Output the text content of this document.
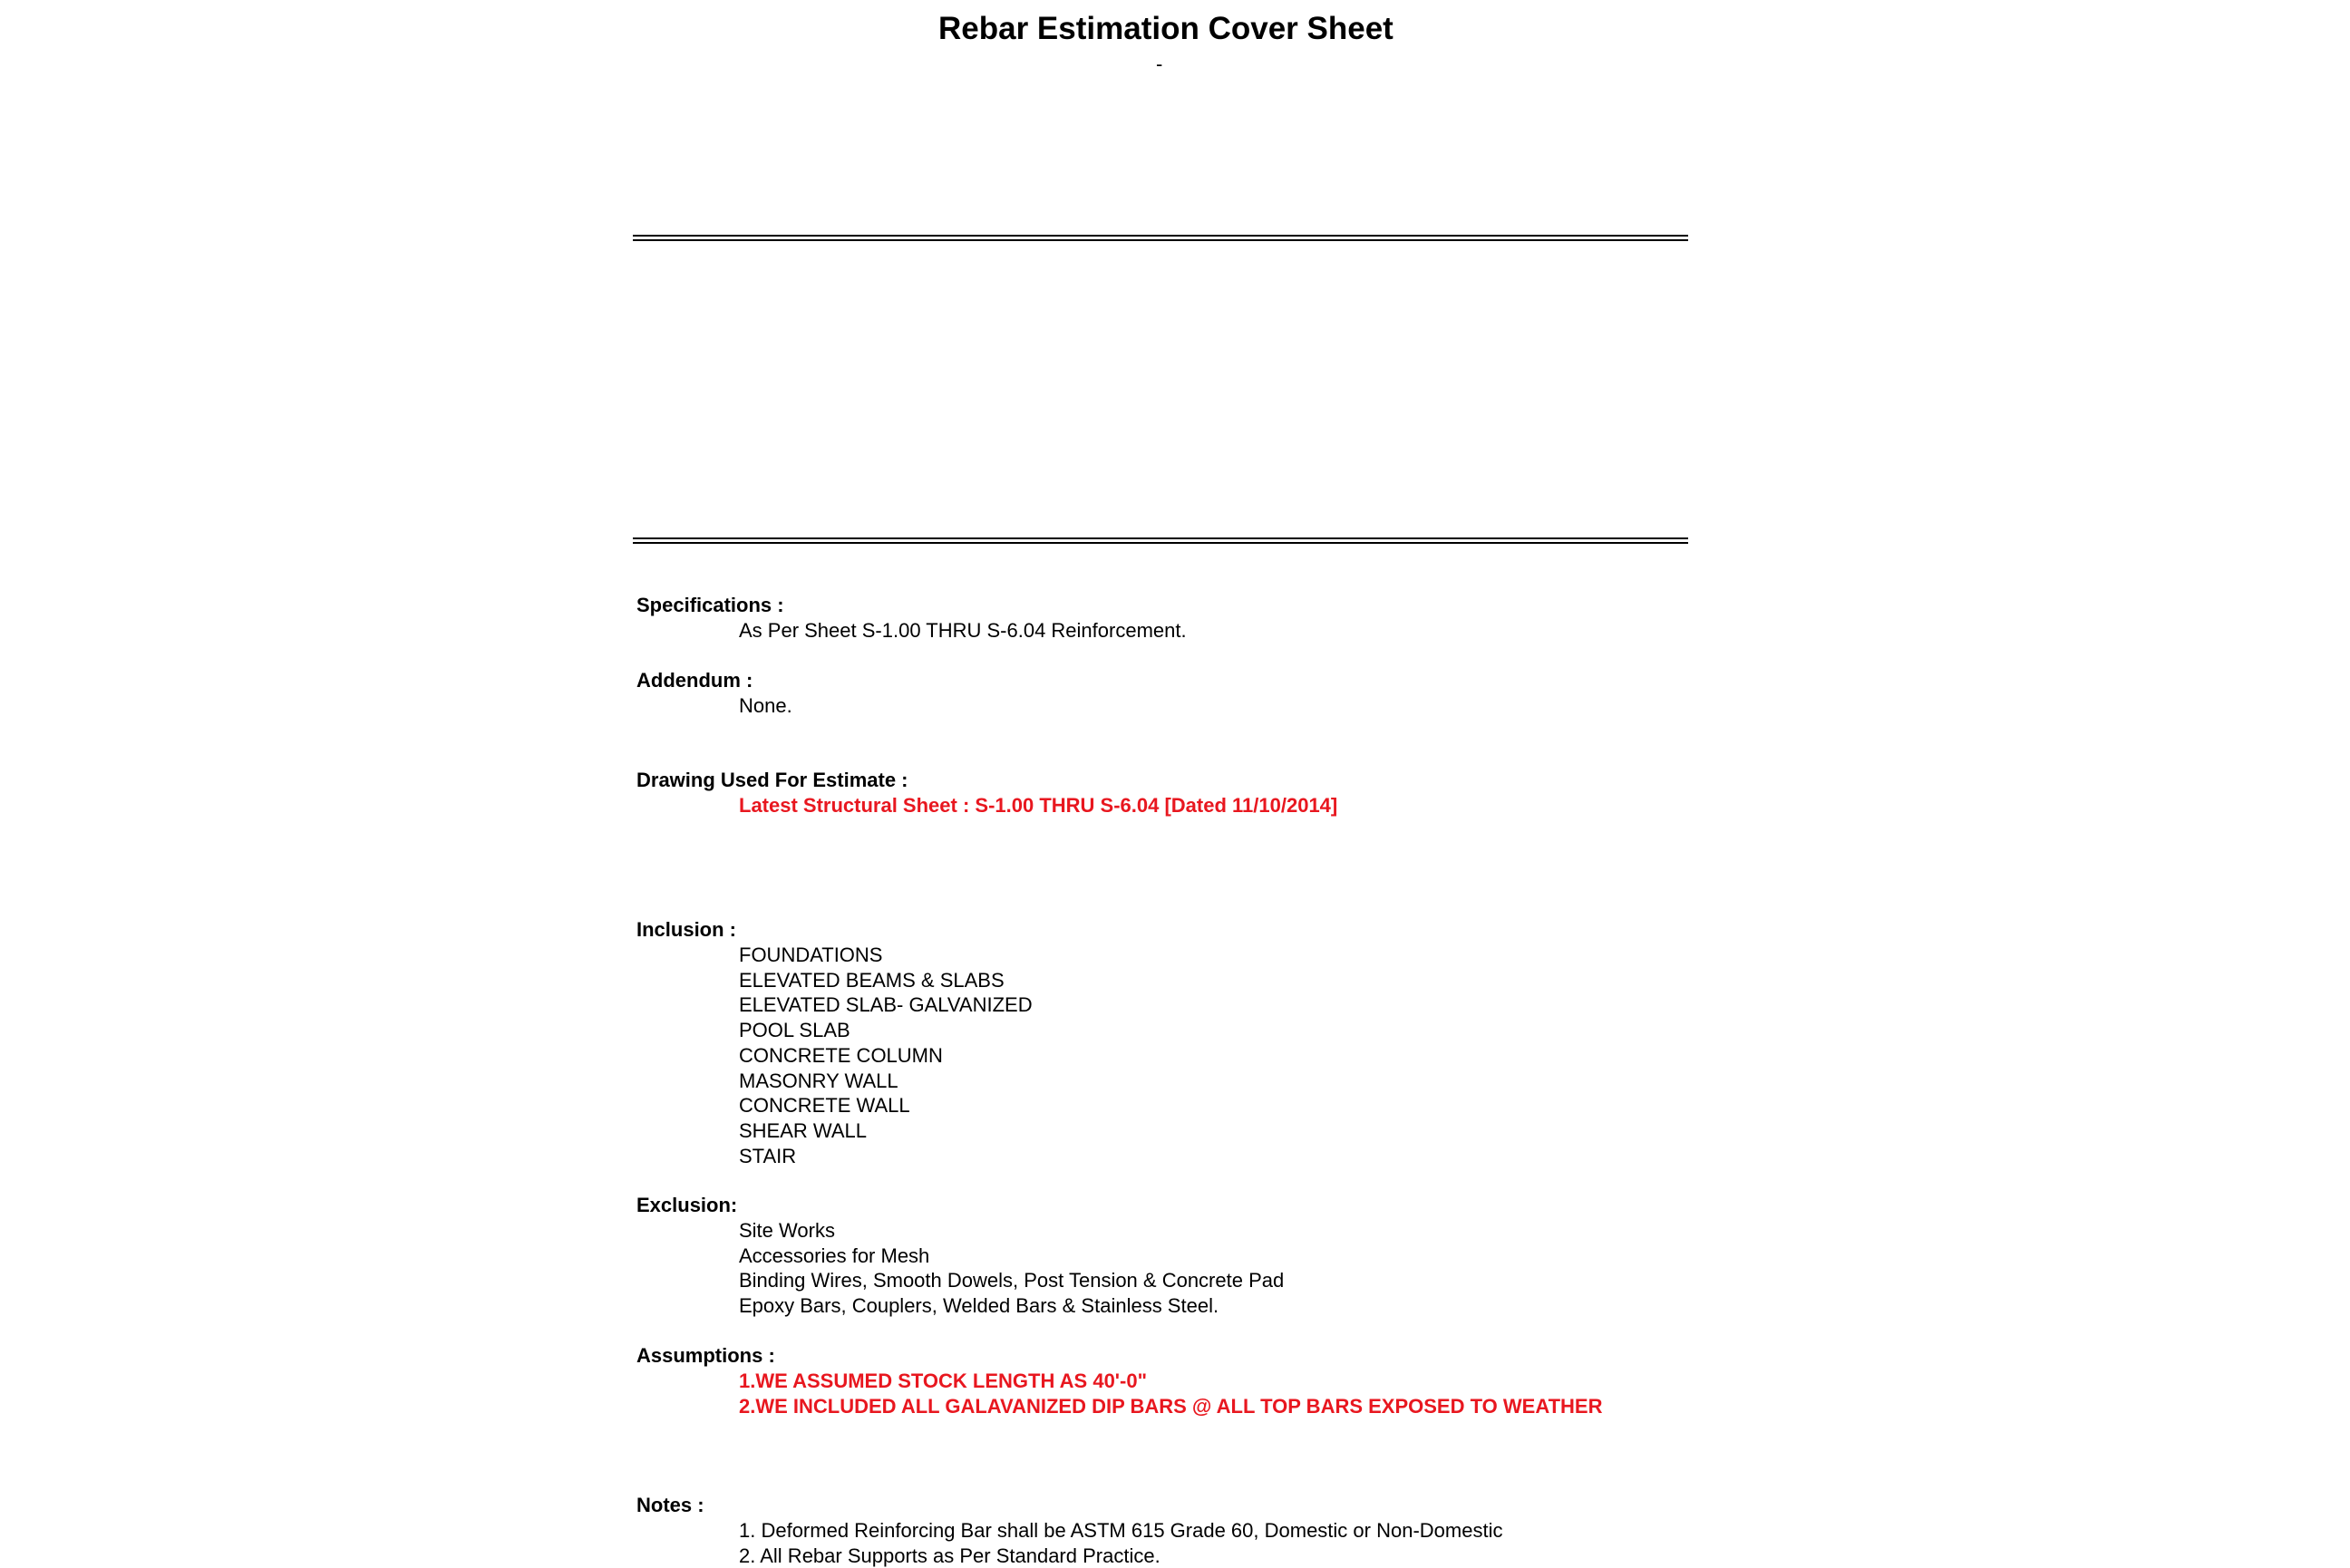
Rebar Estimation Cover Sheet
-
Specifications :
As Per Sheet S-1.00 THRU S-6.04 Reinforcement.
Addendum :
None.
Drawing Used For Estimate :
Latest Structural Sheet : S-1.00 THRU S-6.04 [Dated 11/10/2014]
Inclusion :
FOUNDATIONS
ELEVATED BEAMS & SLABS
ELEVATED SLAB- GALVANIZED
POOL SLAB
CONCRETE COLUMN
MASONRY WALL
CONCRETE WALL
SHEAR WALL
STAIR
Exclusion:
Site Works
Accessories for Mesh
Binding Wires, Smooth Dowels, Post Tension & Concrete Pad
Epoxy Bars, Couplers, Welded Bars & Stainless Steel.
Assumptions :
1.WE ASSUMED STOCK LENGTH AS 40'-0"
2.WE INCLUDED ALL GALAVANIZED DIP BARS @ ALL TOP BARS EXPOSED TO WEATHER
Notes :
1. Deformed Reinforcing Bar shall be ASTM 615 Grade 60, Domestic or Non-Domestic
2. All Rebar Supports as Per Standard Practice.
